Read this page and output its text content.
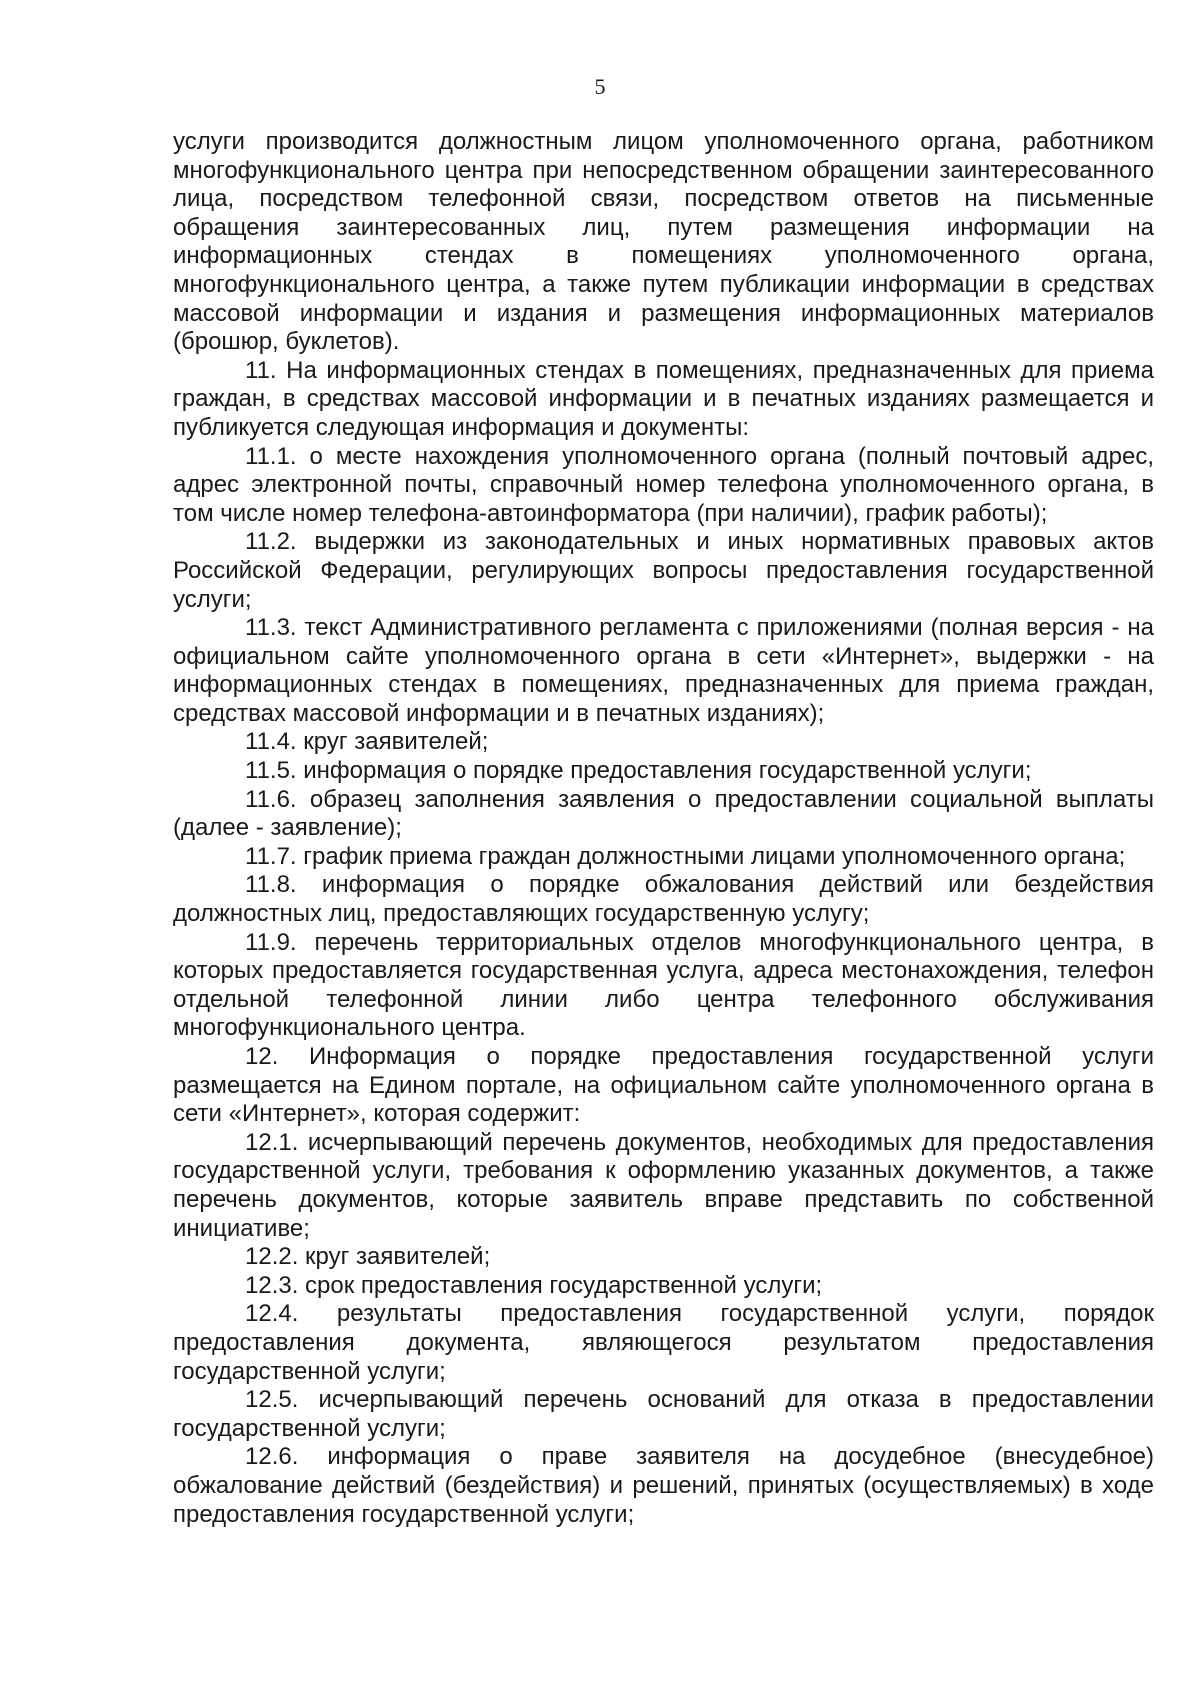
5

услуги производится должностным лицом уполномоченного органа, работником многофункционального центра при непосредственном обращении заинтересованного лица, посредством телефонной связи, посредством ответов на письменные обращения заинтересованных лиц, путем размещения информации на информационных стендах в помещениях уполномоченного органа, многофункционального центра, а также путем публикации информации в средствах массовой информации и издания и размещения информационных материалов (брошюр, буклетов).

11. На информационных стендах в помещениях, предназначенных для приема граждан, в средствах массовой информации и в печатных изданиях размещается и публикуется следующая информация и документы:

11.1. о месте нахождения уполномоченного органа (полный почтовый адрес, адрес электронной почты, справочный номер телефона уполномоченного органа, в том числе номер телефона-автоинформатора (при наличии), график работы);

11.2. выдержки из законодательных и иных нормативных правовых актов Российской Федерации, регулирующих вопросы предоставления государственной услуги;

11.3. текст Административного регламента с приложениями (полная версия - на официальном сайте уполномоченного органа в сети «Интернет», выдержки - на информационных стендах в помещениях, предназначенных для приема граждан, средствах массовой информации и в печатных изданиях);

11.4. круг заявителей;

11.5. информация о порядке предоставления государственной услуги;

11.6. образец заполнения заявления о предоставлении социальной выплаты (далее - заявление);

11.7. график приема граждан должностными лицами уполномоченного органа;

11.8. информация о порядке обжалования действий или бездействия должностных лиц, предоставляющих государственную услугу;

11.9. перечень территориальных отделов многофункционального центра, в которых предоставляется государственная услуга, адреса местонахождения, телефон отдельной телефонной линии либо центра телефонного обслуживания многофункционального центра.

12. Информация о порядке предоставления государственной услуги размещается на Едином портале, на официальном сайте уполномоченного органа в сети «Интернет», которая содержит:

12.1. исчерпывающий перечень документов, необходимых для предоставления государственной услуги, требования к оформлению указанных документов, а также перечень документов, которые заявитель вправе представить по собственной инициативе;

12.2. круг заявителей;

12.3. срок предоставления государственной услуги;

12.4. результаты предоставления государственной услуги, порядок предоставления документа, являющегося результатом предоставления государственной услуги;

12.5. исчерпывающий перечень оснований для отказа в предоставлении государственной услуги;

12.6. информация о праве заявителя на досудебное (внесудебное) обжалование действий (бездействия) и решений, принятых (осуществляемых) в ходе предоставления государственной услуги;
